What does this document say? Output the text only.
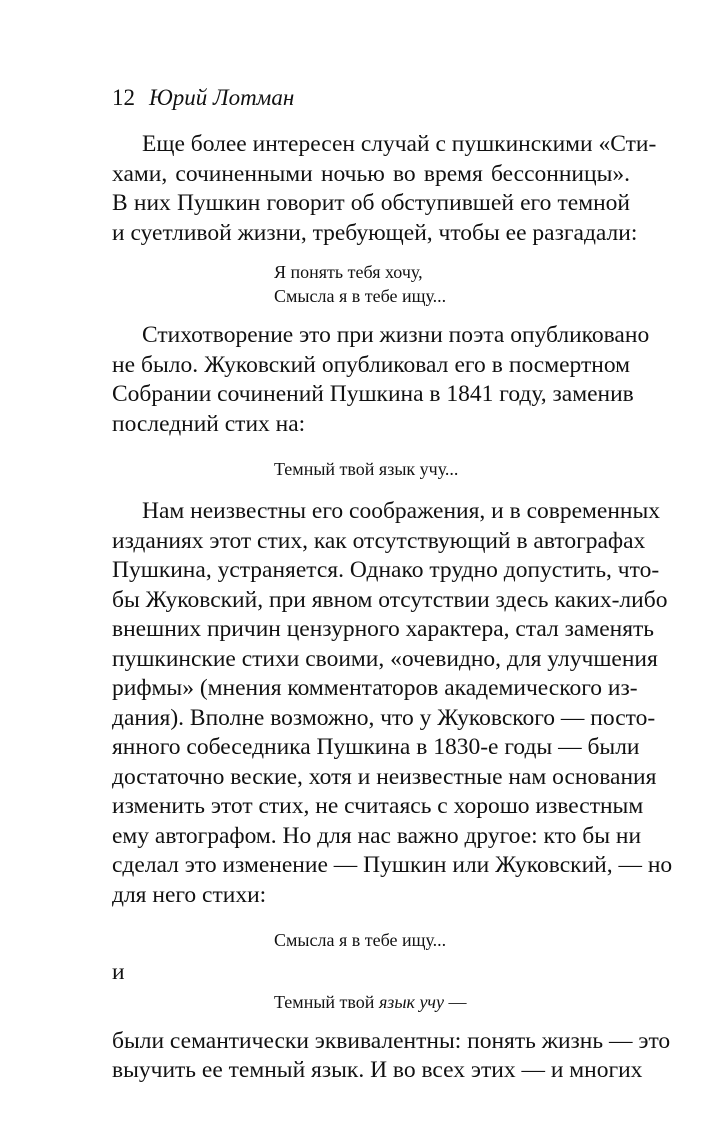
12 Юрий Лотман
Еще более интересен случай с пушкинскими «Сти-
хами, сочиненными ночью во время бессонницы».
В них Пушкин говорит об обступившей его темной
и суетливой жизни, требующей, чтобы ее разгадали:
Я понять тебя хочу,
Смысла я в тебе ищу...
Стихотворение это при жизни поэта опубликовано
не было. Жуковский опубликовал его в посмертном
Собрании сочинений Пушкина в 1841 году, заменив
последний стих на:
Темный твой язык учу...
Нам неизвестны его соображения, и в современных
изданиях этот стих, как отсутствующий в автографах
Пушкина, устраняется. Однако трудно допустить, что-
бы Жуковский, при явном отсутствии здесь каких-либо
внешних причин цензурного характера, стал заменять
пушкинские стихи своими, «очевидно, для улучшения
рифмы» (мнения комментаторов академического из-
дания). Вполне возможно, что у Жуковского — посто-
янного собеседника Пушкина в 1830-е годы — были
достаточно веские, хотя и неизвестные нам основания
изменить этот стих, не считаясь с хорошо известным
ему автографом. Но для нас важно другое: кто бы ни
сделал это изменение — Пушкин или Жуковский, — но
для него стихи:
Смысла я в тебе ищу...
и
Темный твой язык учу —
были семантически эквивалентны: понять жизнь — это
выучить ее темный язык. И во всех этих — и многих
